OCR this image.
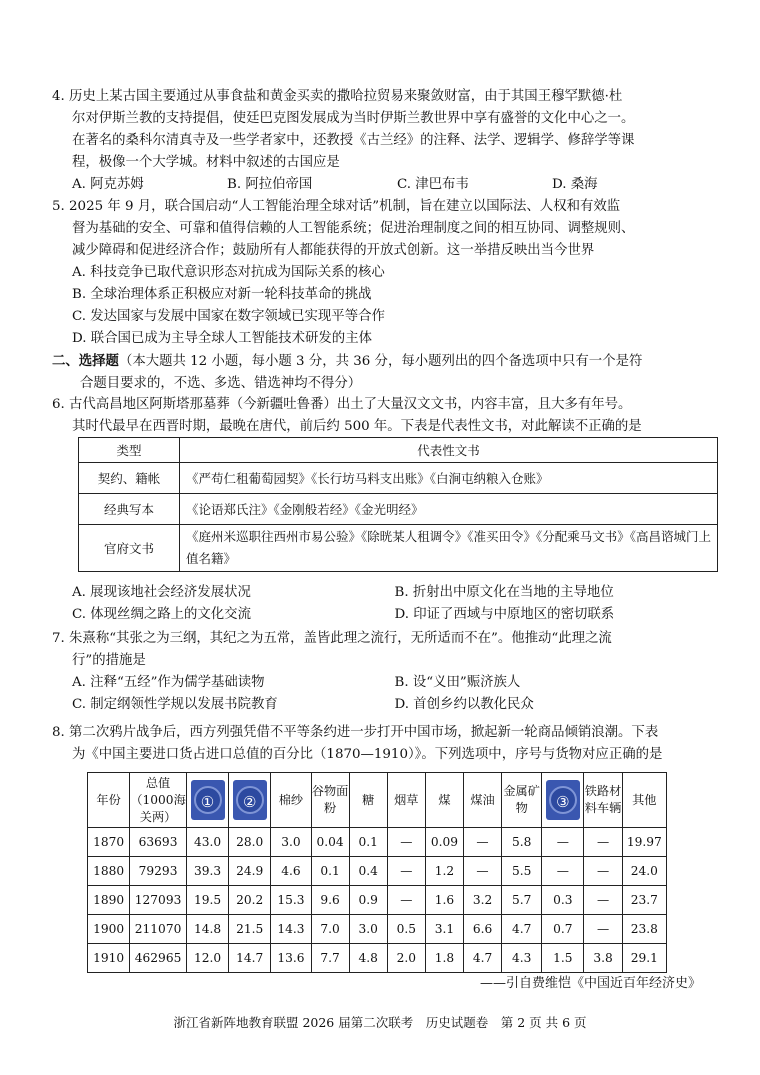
4. 历史上某古国主要通过从事食盐和黄金买卖的撒哈拉贸易来聚敛财富，由于其国王穆罕默德·杜
尔对伊斯兰教的支持提倡，使廷巴克图发展成为当时伊斯兰教世界中享有盛誉的文化中心之一。
在著名的桑科尔清真寺及一些学者家中，还教授《古兰经》的注释、法学、逻辑学、修辞学等课
程，极像一个大学城。材料中叙述的古国应是
A. 阿克苏姆	B. 阿拉伯帝国	C. 津巴布韦	D. 桑海
5. 2025 年 9 月，联合国启动“人工智能治理全球对话”机制，旨在建立以国际法、人权和有效监
督为基础的安全、可靠和值得信赖的人工智能系统；促进治理制度之间的相互协同、调整规则、
减少障碍和促进经济合作；鼓励所有人都能获得的开放式创新。这一举措反映出当今世界
A. 科技竞争已取代意识形态对抗成为国际关系的核心
B. 全球治理体系正积极应对新一轮科技革命的挑战
C. 发达国家与发展中国家在数字领域已实现平等合作
D. 联合国已成为主导全球人工智能技术研发的主体
二、选择题（本大题共 12 小题，每小题 3 分，共 36 分，每小题列出的四个备选项中只有一个是符
合题目要求的，不选、多选、错选神均不得分）
6. 古代高昌地区阿斯塔那墓葬（今新疆吐鲁番）出土了大量汉文文书，内容丰富，且大多有年号。
其时代最早在西晋时期，最晚在唐代，前后约 500 年。下表是代表性文书，对此解读不正确的是
类型	代表性文书
契约、籍帐	《严苟仁租葡萄园契》《长行坊马料支出账》《白涧屯纳粮入仓账》
经典写本	《论语郑氏注》《金刚般若经》《金光明经》
官府文书	《庭州米巡职往西州市易公验》《除晄某人租调令》《准买田令》《分配乘马文书》《高昌谘城门上值名籍》
A. 展现该地社会经济发展状况	B. 折射出中原文化在当地的主导地位
C. 体现丝绸之路上的文化交流	D. 印证了西域与中原地区的密切联系
7. 朱熹称“其张之为三纲，其纪之为五常，盖皆此理之流行，无所适而不在”。他推动“此理之流
行”的措施是
A. 注释“五经”作为儒学基础读物	B. 设“义田”赈济族人
C. 制定纲领性学规以发展书院教育	D. 首创乡约以教化民众
8. 第二次鸦片战争后，西方列强凭借不平等条约进一步打开中国市场，掀起新一轮商品倾销浪潮。下表
为《中国主要进口货占进口总值的百分比（1870—1910）》。下列选项中，序号与货物对应正确的是
年份	总值（1000海关两）	①	②	棉纱	谷物面粉	糖	烟草	煤	煤油	金属矿物	③	铁路材料车辆	其他
1870	63693	43.0	28.0	3.0	0.04	0.1	—	0.09	—	5.8	—	—	19.97
1880	79293	39.3	24.9	4.6	0.1	0.4	—	1.2	—	5.5	—	—	24.0
1890	127093	19.5	20.2	15.3	9.6	0.9	—	1.6	3.2	5.7	0.3	—	23.7
1900	211070	14.8	21.5	14.3	7.0	3.0	0.5	3.1	6.6	4.7	0.7	—	23.8
1910	462965	12.0	14.7	13.6	7.7	4.8	2.0	1.8	4.7	4.3	1.5	3.8	29.1
——引自费维恺《中国近百年经济史》
浙江省新阵地教育联盟 2026 届第二次联考　历史试题卷　第 2 页 共 6 页
